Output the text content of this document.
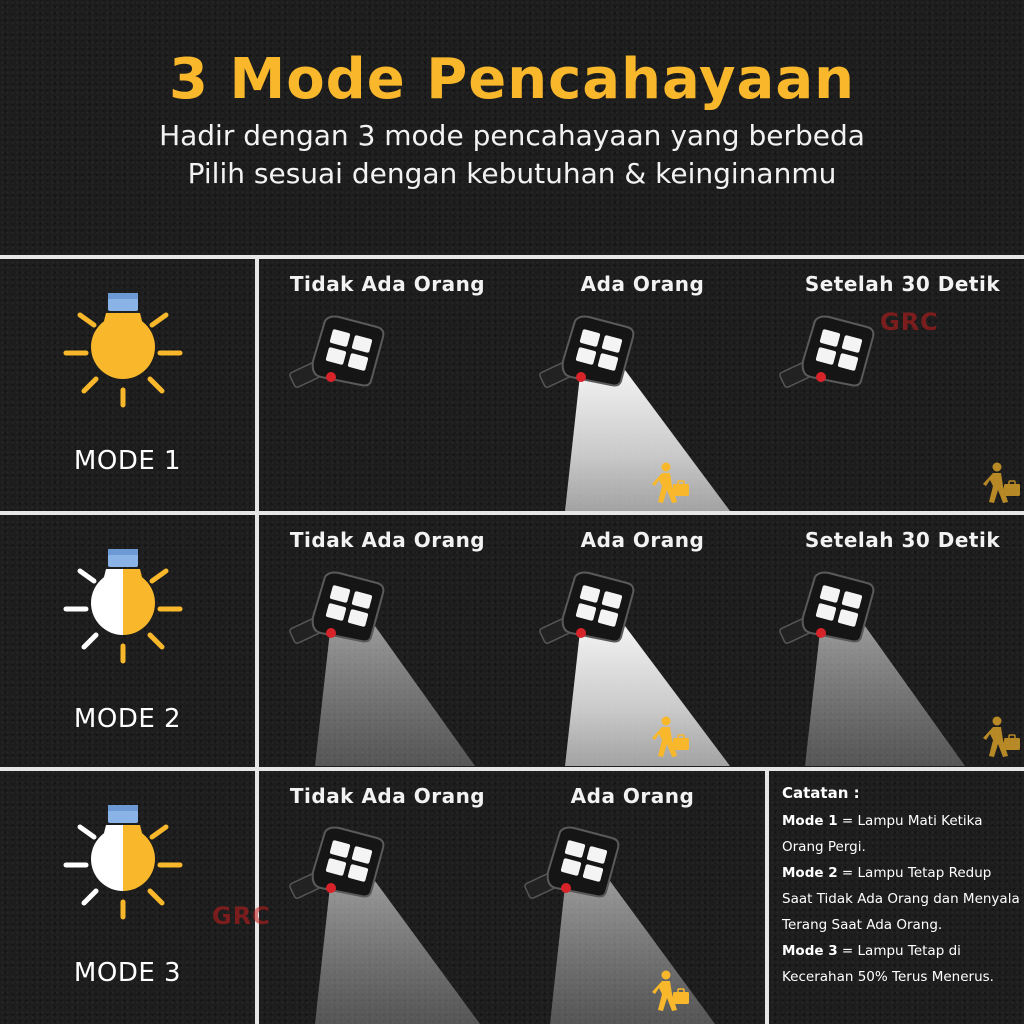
3 Mode Pencahayaan
Hadir dengan 3 mode pencahayaan yang berbeda
Pilih sesuai dengan kebutuhan & keinginanmu
MODE 1
Tidak Ada Orang	Ada Orang	Setelah 30 Detik
MODE 2
Tidak Ada Orang	Ada Orang	Setelah 30 Detik
MODE 3
Tidak Ada Orang	Ada Orang	Catatan :

Mode 1 = Lampu Mati Ketika Orang Pergi.

Mode 2 = Lampu Tetap Redup Saat Tidak Ada Orang dan Menyala Terang Saat Ada Orang.

Mode 3 = Lampu Tetap di Kecerahan 50% Terus Menerus.

GRC
GRC
